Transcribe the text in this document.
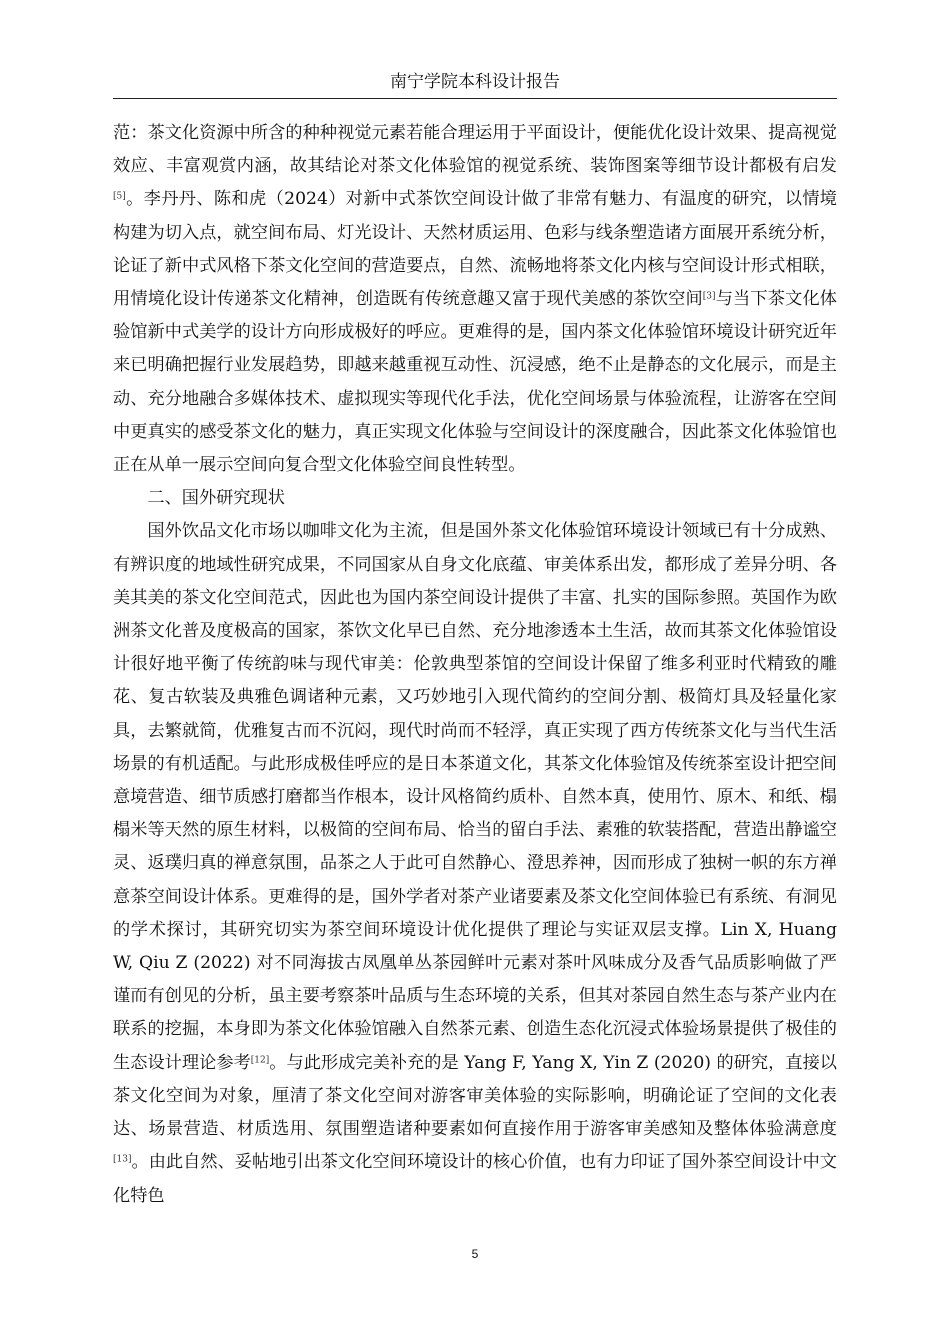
南宁学院本科设计报告

范：茶文化资源中所含的种种视觉元素若能合理运用于平面设计，便能优化设计效果、提高视觉效应、丰富观赏内涵，故其结论对茶文化体验馆的视觉系统、装饰图案等细节设计都极有启发[5]。李丹丹、陈和虎（2024）对新中式茶饮空间设计做了非常有魅力、有温度的研究，以情境构建为切入点，就空间布局、灯光设计、天然材质运用、色彩与线条塑造诸方面展开系统分析，论证了新中式风格下茶文化空间的营造要点，自然、流畅地将茶文化内核与空间设计形式相联，用情境化设计传递茶文化精神，创造既有传统意趣又富于现代美感的茶饮空间[3]与当下茶文化体验馆新中式美学的设计方向形成极好的呼应。更难得的是，国内茶文化体验馆环境设计研究近年来已明确把握行业发展趋势，即越来越重视互动性、沉浸感，绝不止是静态的文化展示，而是主动、充分地融合多媒体技术、虚拟现实等现代化手法，优化空间场景与体验流程，让游客在空间中更真实的感受茶文化的魅力，真正实现文化体验与空间设计的深度融合，因此茶文化体验馆也正在从单一展示空间向复合型文化体验空间良性转型。

二、国外研究现状

国外饮品文化市场以咖啡文化为主流，但是国外茶文化体验馆环境设计领域已有十分成熟、有辨识度的地域性研究成果，不同国家从自身文化底蕴、审美体系出发，都形成了差异分明、各美其美的茶文化空间范式，因此也为国内茶空间设计提供了丰富、扎实的国际参照。英国作为欧洲茶文化普及度极高的国家，茶饮文化早已自然、充分地渗透本土生活，故而其茶文化体验馆设计很好地平衡了传统韵味与现代审美：伦敦典型茶馆的空间设计保留了维多利亚时代精致的雕花、复古软装及典雅色调诸种元素，又巧妙地引入现代简约的空间分割、极简灯具及轻量化家具，去繁就简，优雅复古而不沉闷，现代时尚而不轻浮，真正实现了西方传统茶文化与当代生活场景的有机适配。与此形成极佳呼应的是日本茶道文化，其茶文化体验馆及传统茶室设计把空间意境营造、细节质感打磨都当作根本，设计风格简约质朴、自然本真，使用竹、原木、和纸、榻榻米等天然的原生材料，以极简的空间布局、恰当的留白手法、素雅的软装搭配，营造出静谧空灵、返璞归真的禅意氛围，品茶之人于此可自然静心、澄思养神，因而形成了独树一帜的东方禅意茶空间设计体系。更难得的是，国外学者对茶产业诸要素及茶文化空间体验已有系统、有洞见的学术探讨，其研究切实为茶空间环境设计优化提供了理论与实证双层支撑。Lin X, Huang W, Qiu Z (2022) 对不同海拔古凤凰单丛茶园鲜叶元素对茶叶风味成分及香气品质影响做了严谨而有创见的分析，虽主要考察茶叶品质与生态环境的关系，但其对茶园自然生态与茶产业内在联系的挖掘，本身即为茶文化体验馆融入自然茶元素、创造生态化沉浸式体验场景提供了极佳的生态设计理论参考[12]。与此形成完美补充的是 Yang F, Yang X, Yin Z (2020) 的研究，直接以茶文化空间为对象，厘清了茶文化空间对游客审美体验的实际影响，明确论证了空间的文化表达、场景营造、材质选用、氛围塑造诸种要素如何直接作用于游客审美感知及整体体验满意度[13]。由此自然、妥帖地引出茶文化空间环境设计的核心价值，也有力印证了国外茶空间设计中文化特色

5
